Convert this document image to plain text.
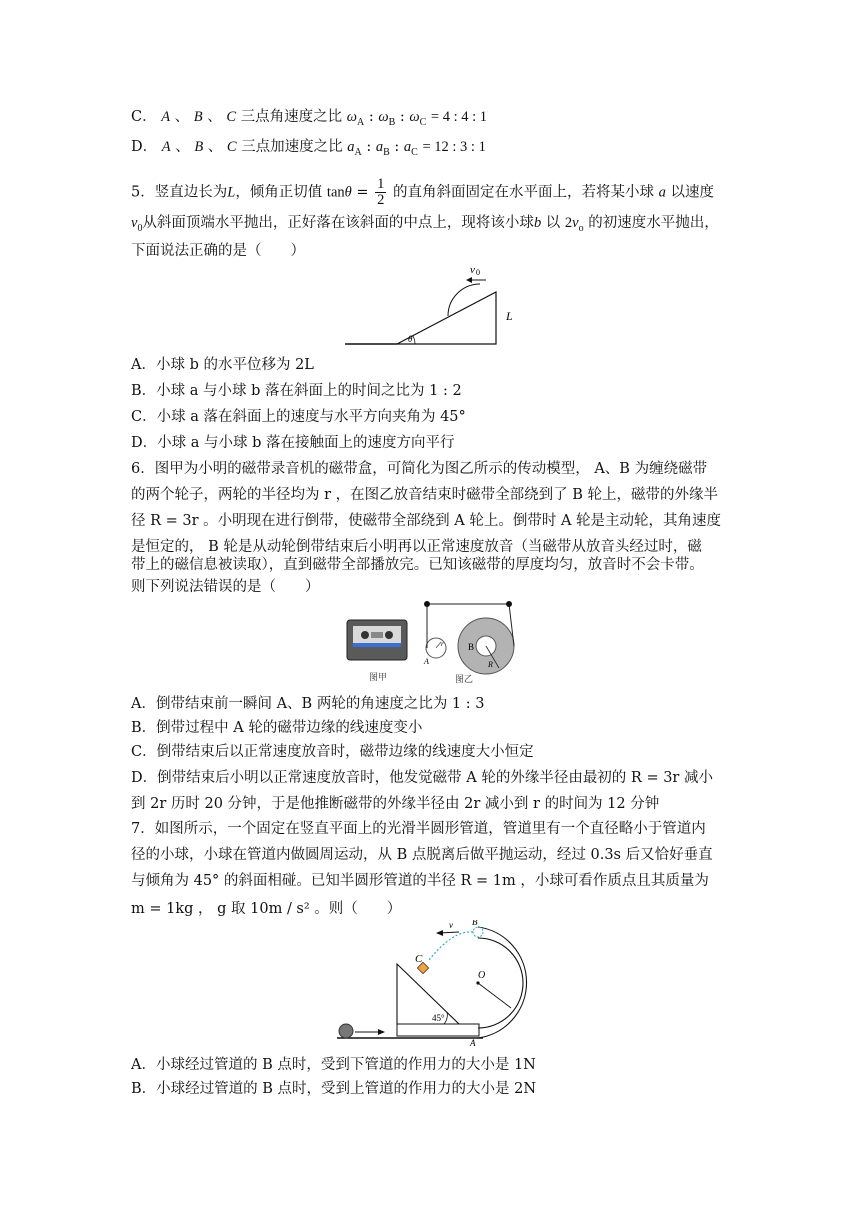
C． A 、 B 、 C 三点角速度之比 $\omega_A$ : $\omega_B$ : $\omega_C = 4$ : 4 : 1
D． A 、 B 、 C 三点加速度之比 $a_A$ : $a_B$ : $a_C = 12$ : 3 : 1
5．竖直边长为L，倾角正切值 $\tan\theta = \frac{1}{2}$ 的直角斜面固定在水平面上，若将某小球 a 以速度
$v_0$从斜面顶端水平抛出，正好落在该斜面的中点上，现将该小球b 以 $2v_o$ 的初速度水平抛出，
下面说法正确的是（　　）
v 0
θ
L
A．小球 b 的水平位移为 2L
B．小球 a 与小球 b 落在斜面上的时间之比为 1 : 2
C．小球 a 落在斜面上的速度与水平方向夹角为 45°
D．小球 a 与小球 b 落在接触面上的速度方向平行
6．图甲为小明的磁带录音机的磁带盒，可简化为图乙所示的传动模型， A、B 为缠绕磁带
的两个轮子，两轮的半径均为 r ，在图乙放音结束时磁带全部绕到了 B 轮上，磁带的外缘半
径 R = 3r 。小明现在进行倒带，使磁带全部绕到 A 轮上。倒带时 A 轮是主动轮，其角速度
是恒定的， B 轮是从动轮倒带结束后小明再以正常速度放音（当磁带从放音头经过时，磁
带上的磁信息被读取），直到磁带全部播放完。已知该磁带的厚度均匀，放音时不会卡带。
则下列说法错误的是（　　）
图甲
r
A
B
R
图乙
A．倒带结束前一瞬间 A、B 两轮的角速度之比为 1 : 3
B．倒带过程中 A 轮的磁带边缘的线速度变小
C．倒带结束后以正常速度放音时，磁带边缘的线速度大小恒定
D．倒带结束后小明以正常速度放音时，他发觉磁带 A 轮的外缘半径由最初的 R = 3r 减小
到 2r 历时 20 分钟，于是他推断磁带的外缘半径由 2r 减小到 r 的时间为 12 分钟
7．如图所示，一个固定在竖直平面上的光滑半圆形管道，管道里有一个直径略小于管道内
径的小球，小球在管道内做圆周运动，从 B 点脱离后做平抛运动，经过 0.3s 后又恰好垂直
与倾角为 45° 的斜面相碰。已知半圆形管道的半径 R = 1m ，小球可看作质点且其质量为
m = 1kg ， g 取 10m / s² 。则（　　）
C
45°
B
v
O
A
A．小球经过管道的 B 点时，受到下管道的作用力的大小是 1N
B．小球经过管道的 B 点时，受到上管道的作用力的大小是 2N
